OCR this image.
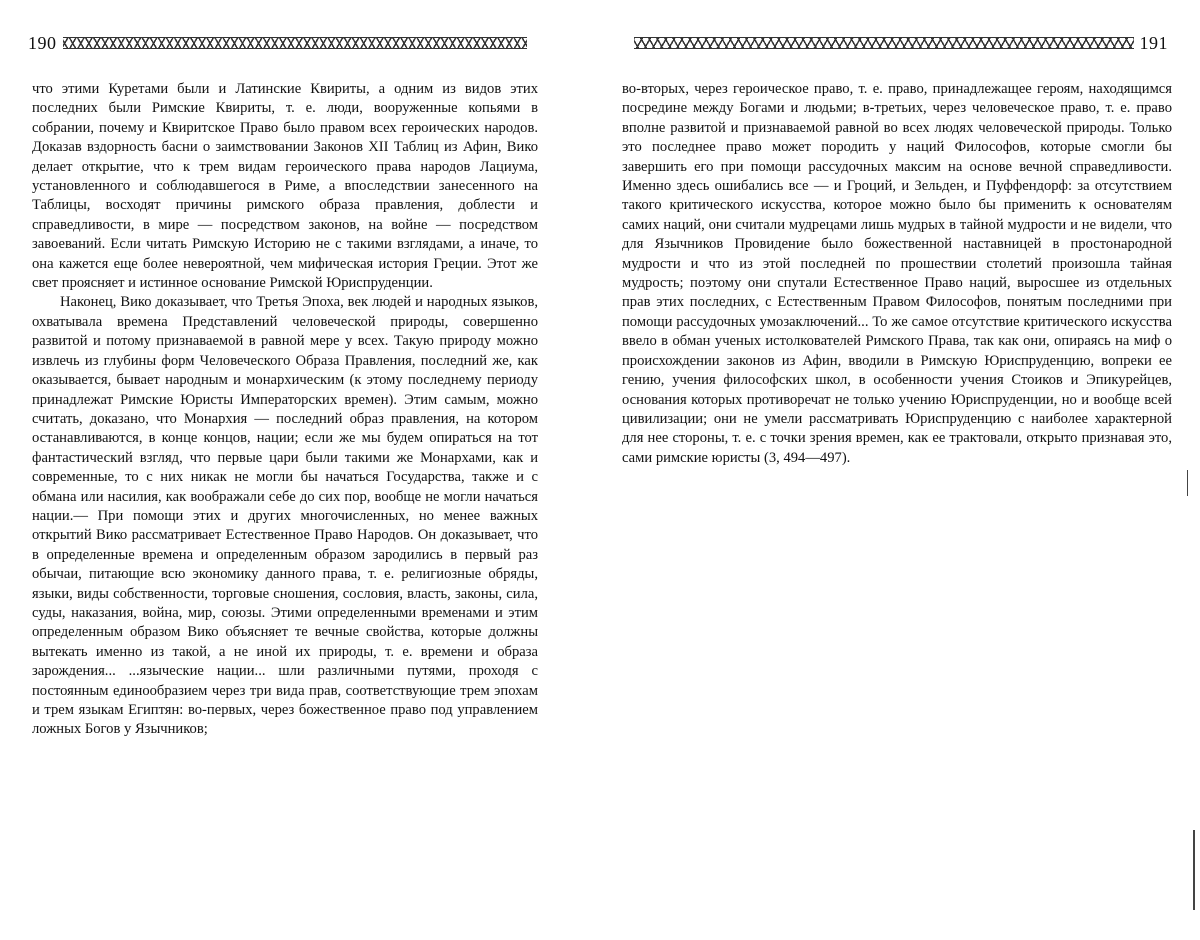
190

что этими Куретами были и Латинские Квириты, а одним из видов этих последних были Римские Квириты, т. е. люди, вооруженные копьями в собрании, почему и Квиритское Право было правом всех героических народов. Доказав вздорность басни о заимствовании Законов XII Таблиц из Афин, Вико делает открытие, что к трем видам героического права народов Лациума, установленного и соблюдавшегося в Риме, а впоследствии занесенного на Таблицы, восходят причины римского образа правления, доблести и справедливости, в мире — посредством законов, на войне — посредством завоеваний. Если читать Римскую Историю не с такими взглядами, а иначе, то она кажется еще более невероятной, чем мифическая история Греции. Этот же свет проясняет и истинное основание Римской Юриспруденции.

Наконец, Вико доказывает, что Третья Эпоха, век людей и народных языков, охватывала времена Представлений человеческой природы, совершенно развитой и потому признаваемой в равной мере у всех. Такую природу можно извлечь из глубины форм Человеческого Образа Правления, последний же, как оказывается, бывает народным и монархическим (к этому последнему периоду принадлежат Римские Юристы Императорских времен). Этим самым, можно считать, доказано, что Монархия — последний образ правления, на котором останавливаются, в конце концов, нации; если же мы будем опираться на тот фантастический взгляд, что первые цари были такими же Монархами, как и современные, то с них никак не могли бы начаться Государства, также и с обмана или насилия, как воображали себе до сих пор, вообще не могли начаться нации.— При помощи этих и других многочисленных, но менее важных открытий Вико рассматривает Естественное Право Народов. Он доказывает, что в определенные времена и определенным образом зародились в первый раз обычаи, питающие всю экономику данного права, т. е. религиозные обряды, языки, виды собственности, торговые сношения, сословия, власть, законы, сила, суды, наказания, война, мир, союзы. Этими определенными временами и этим определенным образом Вико объясняет те вечные свойства, которые должны вытекать именно из такой, а не иной их природы, т. е. времени и образа зарождения... ...языческие нации... шли различными путями, проходя с постоянным единообразием через три вида прав, соответствующие трем эпохам и трем языкам Египтян: во-первых, через божественное право под управлением ложных Богов у Язычников;

191

во-вторых, через героическое право, т. е. право, принадлежащее героям, находящимся посредине между Богами и людьми; в-третьих, через человеческое право, т. е. право вполне развитой и признаваемой равной во всех людях человеческой природы. Только это последнее право может породить у наций Философов, которые смогли бы завершить его при помощи рассудочных максим на основе вечной справедливости. Именно здесь ошибались все — и Гроций, и Зельден, и Пуффендорф: за отсутствием такого критического искусства, которое можно было бы применить к основателям самих наций, они считали мудрецами лишь мудрых в тайной мудрости и не видели, что для Язычников Провидение было божественной наставницей в простонародной мудрости и что из этой последней по прошествии столетий произошла тайная мудрость; поэтому они спутали Естественное Право наций, выросшее из отдельных прав этих последних, с Естественным Правом Философов, понятым последними при помощи рассудочных умозаключений... То же самое отсутствие критического искусства ввело в обман ученых истолкователей Римского Права, так как они, опираясь на миф о происхождении законов из Афин, вводили в Римскую Юриспруденцию, вопреки ее гению, учения философских школ, в особенности учения Стоиков и Эпикурейцев, основания которых противоречат не только учению Юриспруденции, но и вообще всей цивилизации; они не умели рассматривать Юриспруденцию с наиболее характерной для нее стороны, т. е. с точки зрения времен, как ее трактовали, открыто признавая это, сами римские юристы (3, 494—497).
